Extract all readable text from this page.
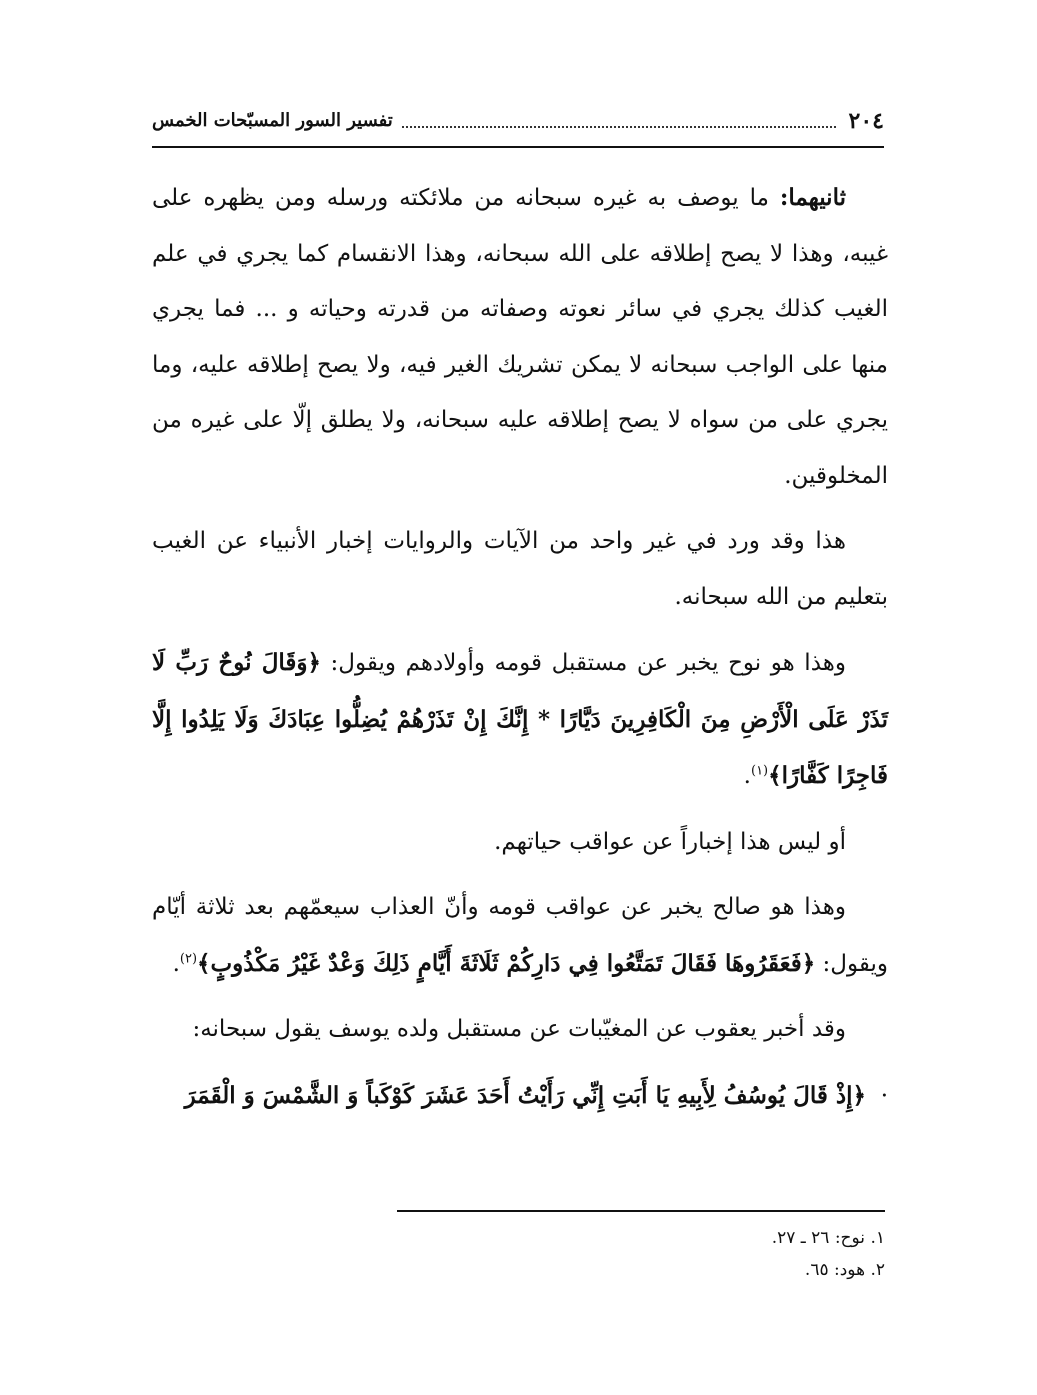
٢٠٤
تفسير السور المسبّحات الخمس

ثانيهما: ما يوصف به غيره سبحانه من ملائكته ورسله ومن يظهره على غيبه، وهذا لا يصح إطلاقه على الله سبحانه، وهذا الانقسام كما يجري في علم الغيب كذلك يجري في سائر نعوته وصفاته من قدرته وحياته و ... فما يجري منها على الواجب سبحانه لا يمكن تشريك الغير فيه، ولا يصح إطلاقه عليه، وما يجري على من سواه لا يصح إطلاقه عليه سبحانه، ولا يطلق إلّا على غيره من المخلوقين.

هذا وقد ورد في غير واحد من الآيات والروايات إخبار الأنبياء عن الغيب بتعليم من الله سبحانه.

وهذا هو نوح يخبر عن مستقبل قومه وأولادهم ويقول: ﴿وَقَالَ نُوحٌ رَبِّ لَا تَذَرْ عَلَى الْأَرْضِ مِنَ الْكَافِرِينَ دَيَّارًا * إِنَّكَ إِنْ تَذَرْهُمْ يُضِلُّوا عِبَادَكَ وَلَا يَلِدُوا إِلَّا فَاجِرًا كَفَّارًا﴾$^{(١)}$.

أو ليس هذا إخباراً عن عواقب حياتهم.

وهذا هو صالح يخبر عن عواقب قومه وأنّ العذاب سيعمّهم بعد ثلاثة أيّام ويقول: ﴿فَعَقَرُوهَا فَقَالَ تَمَتَّعُوا فِي دَارِكُمْ ثَلَاثَةَ أَيَّامٍ ذَلِكَ وَعْدٌ غَيْرُ مَكْذُوبٍ﴾$^{(٢)}$.

وقد أخبر يعقوب عن المغيّبات عن مستقبل ولده يوسف يقول سبحانه:

·﴿إِذْ قَالَ يُوسُفُ لِأَبِيهِ يَا أَبَتِ إِنِّي رَأَيْتُ أَحَدَ عَشَرَ كَوْكَباً وَ الشَّمْسَ وَ الْقَمَرَ

١. نوح: ٢٦ ـ ٢٧.
٢. هود: ٦٥.
